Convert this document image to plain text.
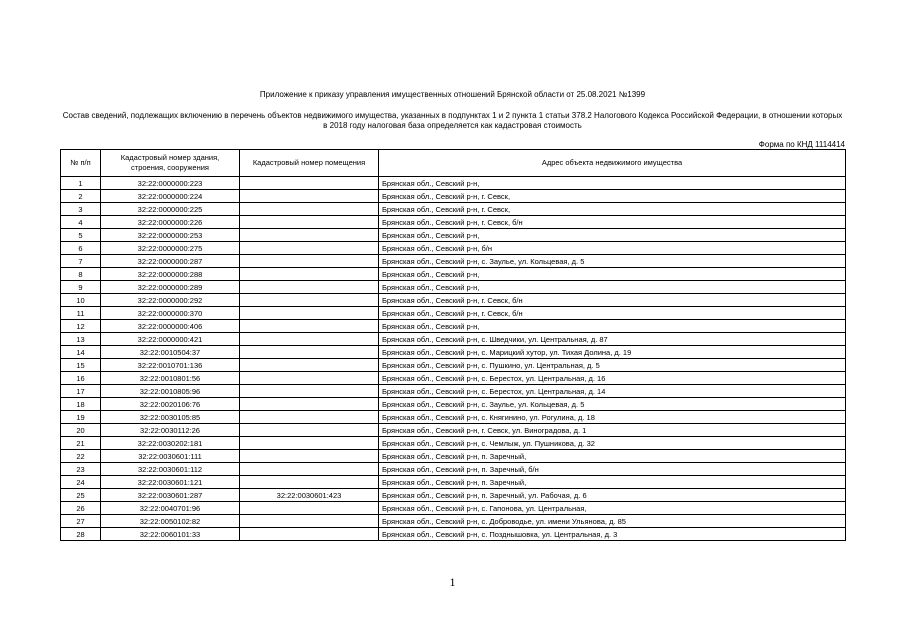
Приложение к приказу управления имущественных отношений Брянской области от 25.08.2021 №1399
Состав сведений, подлежащих включению в перечень объектов недвижимого имущества, указанных в подпунктах 1 и 2 пункта 1 статьи 378.2 Налогового Кодекса Российской Федерации, в отношении которых в 2018 году налоговая база определяется как кадастровая стоимость
Форма по КНД 1114414
№ п/п	Кадастровый номер здания, строения, сооружения	Кадастровый номер помещения	Адрес объекта недвижимого имущества
1	32:22:0000000:223		Брянская обл., Севский р-н,
2	32:22:0000000:224		Брянская обл., Севский р-н, г. Севск,
3	32:22:0000000:225		Брянская обл., Севский р-н, г. Севск,
4	32:22:0000000:226		Брянская обл., Севский р-н, г. Севск, б/н
5	32:22:0000000:253		Брянская обл., Севский р-н,
6	32:22:0000000:275		Брянская обл., Севский р-н, б/н
7	32:22:0000000:287		Брянская обл., Севский р-н, с. Заулье, ул. Кольцевая, д. 5
8	32:22:0000000:288		Брянская обл., Севский р-н,
9	32:22:0000000:289		Брянская обл., Севский р-н,
10	32:22:0000000:292		Брянская обл., Севский р-н, г. Севск, б/н
11	32:22:0000000:370		Брянская обл., Севский р-н, г. Севск, б/н
12	32:22:0000000:406		Брянская обл., Севский р-н,
13	32:22:0000000:421		Брянская обл., Севский р-н, с. Шведчики, ул. Центральная, д. 87
14	32:22:0010504:37		Брянская обл., Севский р-н, с. Марицкий хутор, ул. Тихая Долина, д. 19
15	32:22:0010701:136		Брянская обл., Севский р-н, с. Пушкино, ул. Центральная, д. 5
16	32:22:0010801:56		Брянская обл., Севский р-н, с. Берестох, ул. Центральная, д. 16
17	32:22:0010805:96		Брянская обл., Севский р-н, с. Берестох, ул. Центральная, д. 14
18	32:22:0020106:76		Брянская обл., Севский р-н, с. Заулье, ул. Кольцевая, д. 5
19	32:22:0030105:85		Брянская обл., Севский р-н, с. Княгинино, ул. Рогулина, д. 18
20	32:22:0030112:26		Брянская обл., Севский р-н, г. Севск, ул. Виноградова, д. 1
21	32:22:0030202:181		Брянская обл., Севский р-н, с. Чемлыж, ул. Пушникова, д. 32
22	32:22:0030601:111		Брянская обл., Севский р-н, п. Заречный,
23	32:22:0030601:112		Брянская обл., Севский р-н, п. Заречный, б/н
24	32:22:0030601:121		Брянская обл., Севский р-н, п. Заречный,
25	32:22:0030601:287	32:22:0030601:423	Брянская обл., Севский р-н, п. Заречный, ул. Рабочая, д. 6
26	32:22:0040701:96		Брянская обл., Севский р-н, с. Гапонова, ул. Центральная,
27	32:22:0050102:82		Брянская обл., Севский р-н, с. Доброводье, ул. имени Ульянова, д. 85
28	32:22:0060101:33		Брянская обл., Севский р-н, с. Позднышовка, ул. Центральная, д. 3
1
